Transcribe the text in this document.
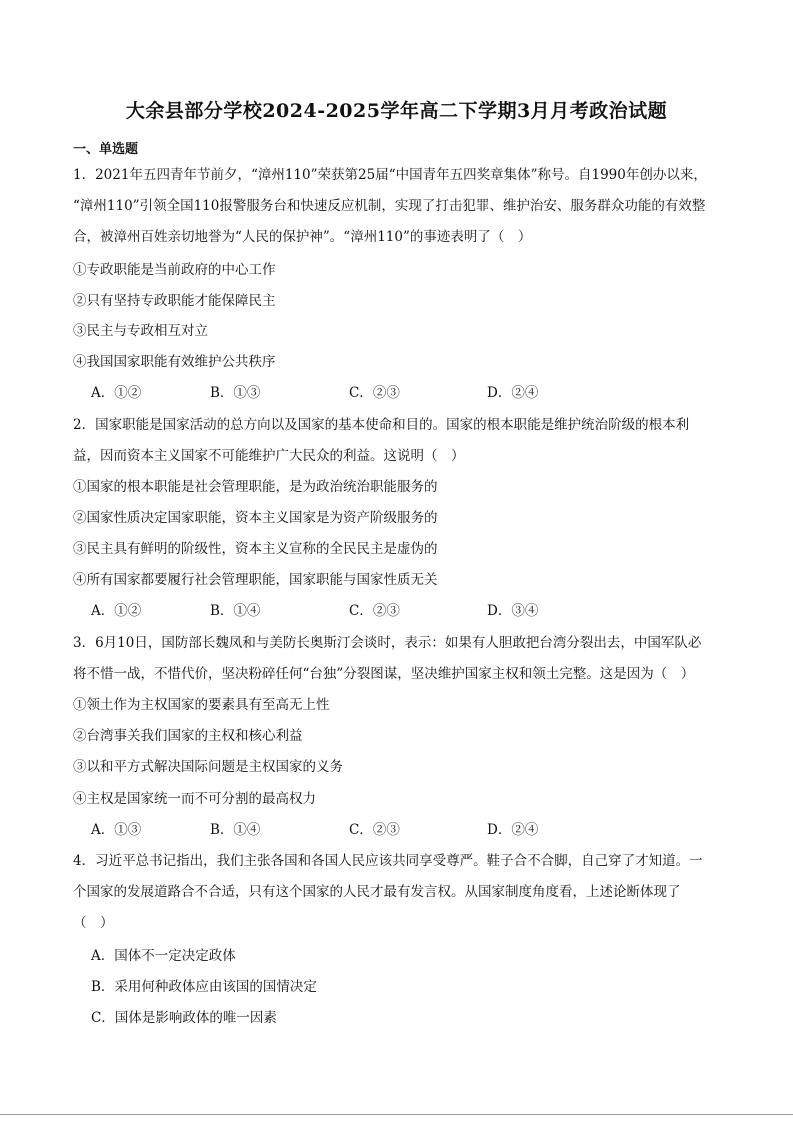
大余县部分学校2024-2025学年高二下学期3月月考政治试题
一、单选题
1．2021年五四青年节前夕，“漳州110”荣获第25届“中国青年五四奖章集体”称号。自1990年创办以来，
“漳州110”引领全国110报警服务台和快速反应机制，实现了打击犯罪、维护治安、服务群众功能的有效整
合，被漳州百姓亲切地誉为“人民的保护神”。“漳州110”的事迹表明了（　）
①专政职能是当前政府的中心工作
②只有坚持专政职能才能保障民主
③民主与专政相互对立
④我国国家职能有效维护公共秩序
A．①②	B．①③	C．②③	D．②④
2．国家职能是国家活动的总方向以及国家的基本使命和目的。国家的根本职能是维护统治阶级的根本利
益，因而资本主义国家不可能维护广大民众的利益。这说明（　）
①国家的根本职能是社会管理职能，是为政治统治职能服务的
②国家性质决定国家职能，资本主义国家是为资产阶级服务的
③民主具有鲜明的阶级性，资本主义宣称的全民民主是虚伪的
④所有国家都要履行社会管理职能，国家职能与国家性质无关
A．①②	B．①④	C．②③	D．③④
3．6月10日，国防部长魏凤和与美防长奥斯汀会谈时，表示：如果有人胆敢把台湾分裂出去，中国军队必
将不惜一战，不惜代价，坚决粉碎任何“台独”分裂图谋，坚决维护国家主权和领土完整。这是因为（　）
①领土作为主权国家的要素具有至高无上性
②台湾事关我们国家的主权和核心利益
③以和平方式解决国际问题是主权国家的义务
④主权是国家统一而不可分割的最高权力
A．①③	B．①④	C．②③	D．②④
4．习近平总书记指出，我们主张各国和各国人民应该共同享受尊严。鞋子合不合脚，自己穿了才知道。一
个国家的发展道路合不合适，只有这个国家的人民才最有发言权。从国家制度角度看，上述论断体现了
（　）
A．国体不一定决定政体
B．采用何种政体应由该国的国情决定
C．国体是影响政体的唯一因素
